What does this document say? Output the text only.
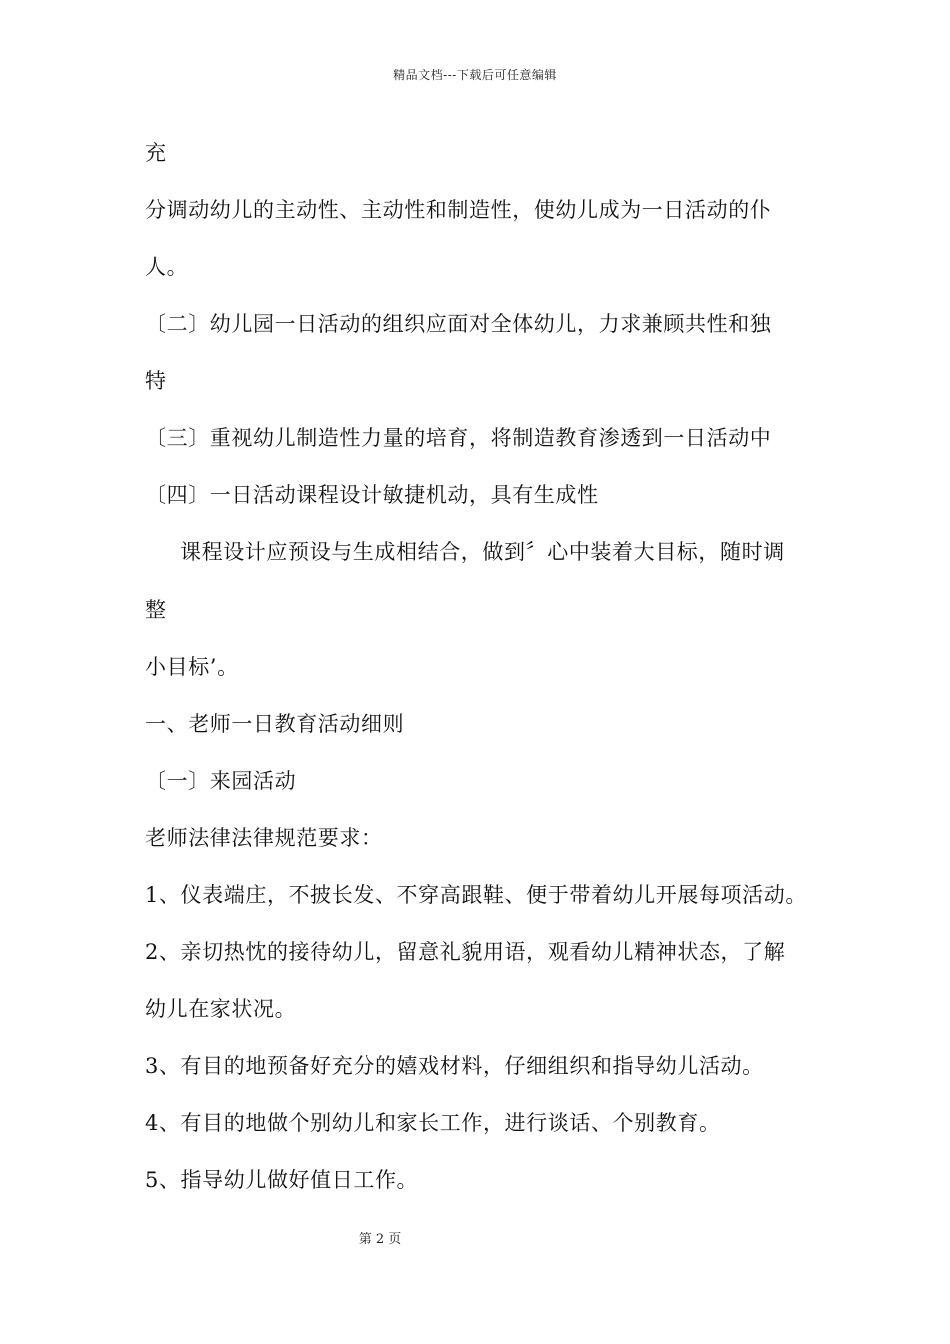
精品文档---下载后可任意编辑
充
分调动幼儿的主动性、主动性和制造性，使幼儿成为一日活动的仆
人。
〔二〕幼儿园一日活动的组织应面对全体幼儿，力求兼顾共性和独
特
〔三〕重视幼儿制造性力量的培育，将制造教育渗透到一日活动中
〔四〕一日活动课程设计敏捷机动，具有生成性
课程设计应预设与生成相结合，做到〞心中装着大目标，随时调
整
小目标’。
一、老师一日教育活动细则
〔一〕来园活动
老师法律法律规范要求：
1、仪表端庄，不披长发、不穿高跟鞋、便于带着幼儿开展每项活动。
2、亲切热忱的接待幼儿，留意礼貌用语，观看幼儿精神状态，了解
幼儿在家状况。
3、有目的地预备好充分的嬉戏材料，仔细组织和指导幼儿活动。
4、有目的地做个别幼儿和家长工作，进行谈话、个别教育。
5、指导幼儿做好值日工作。
第 2 页
